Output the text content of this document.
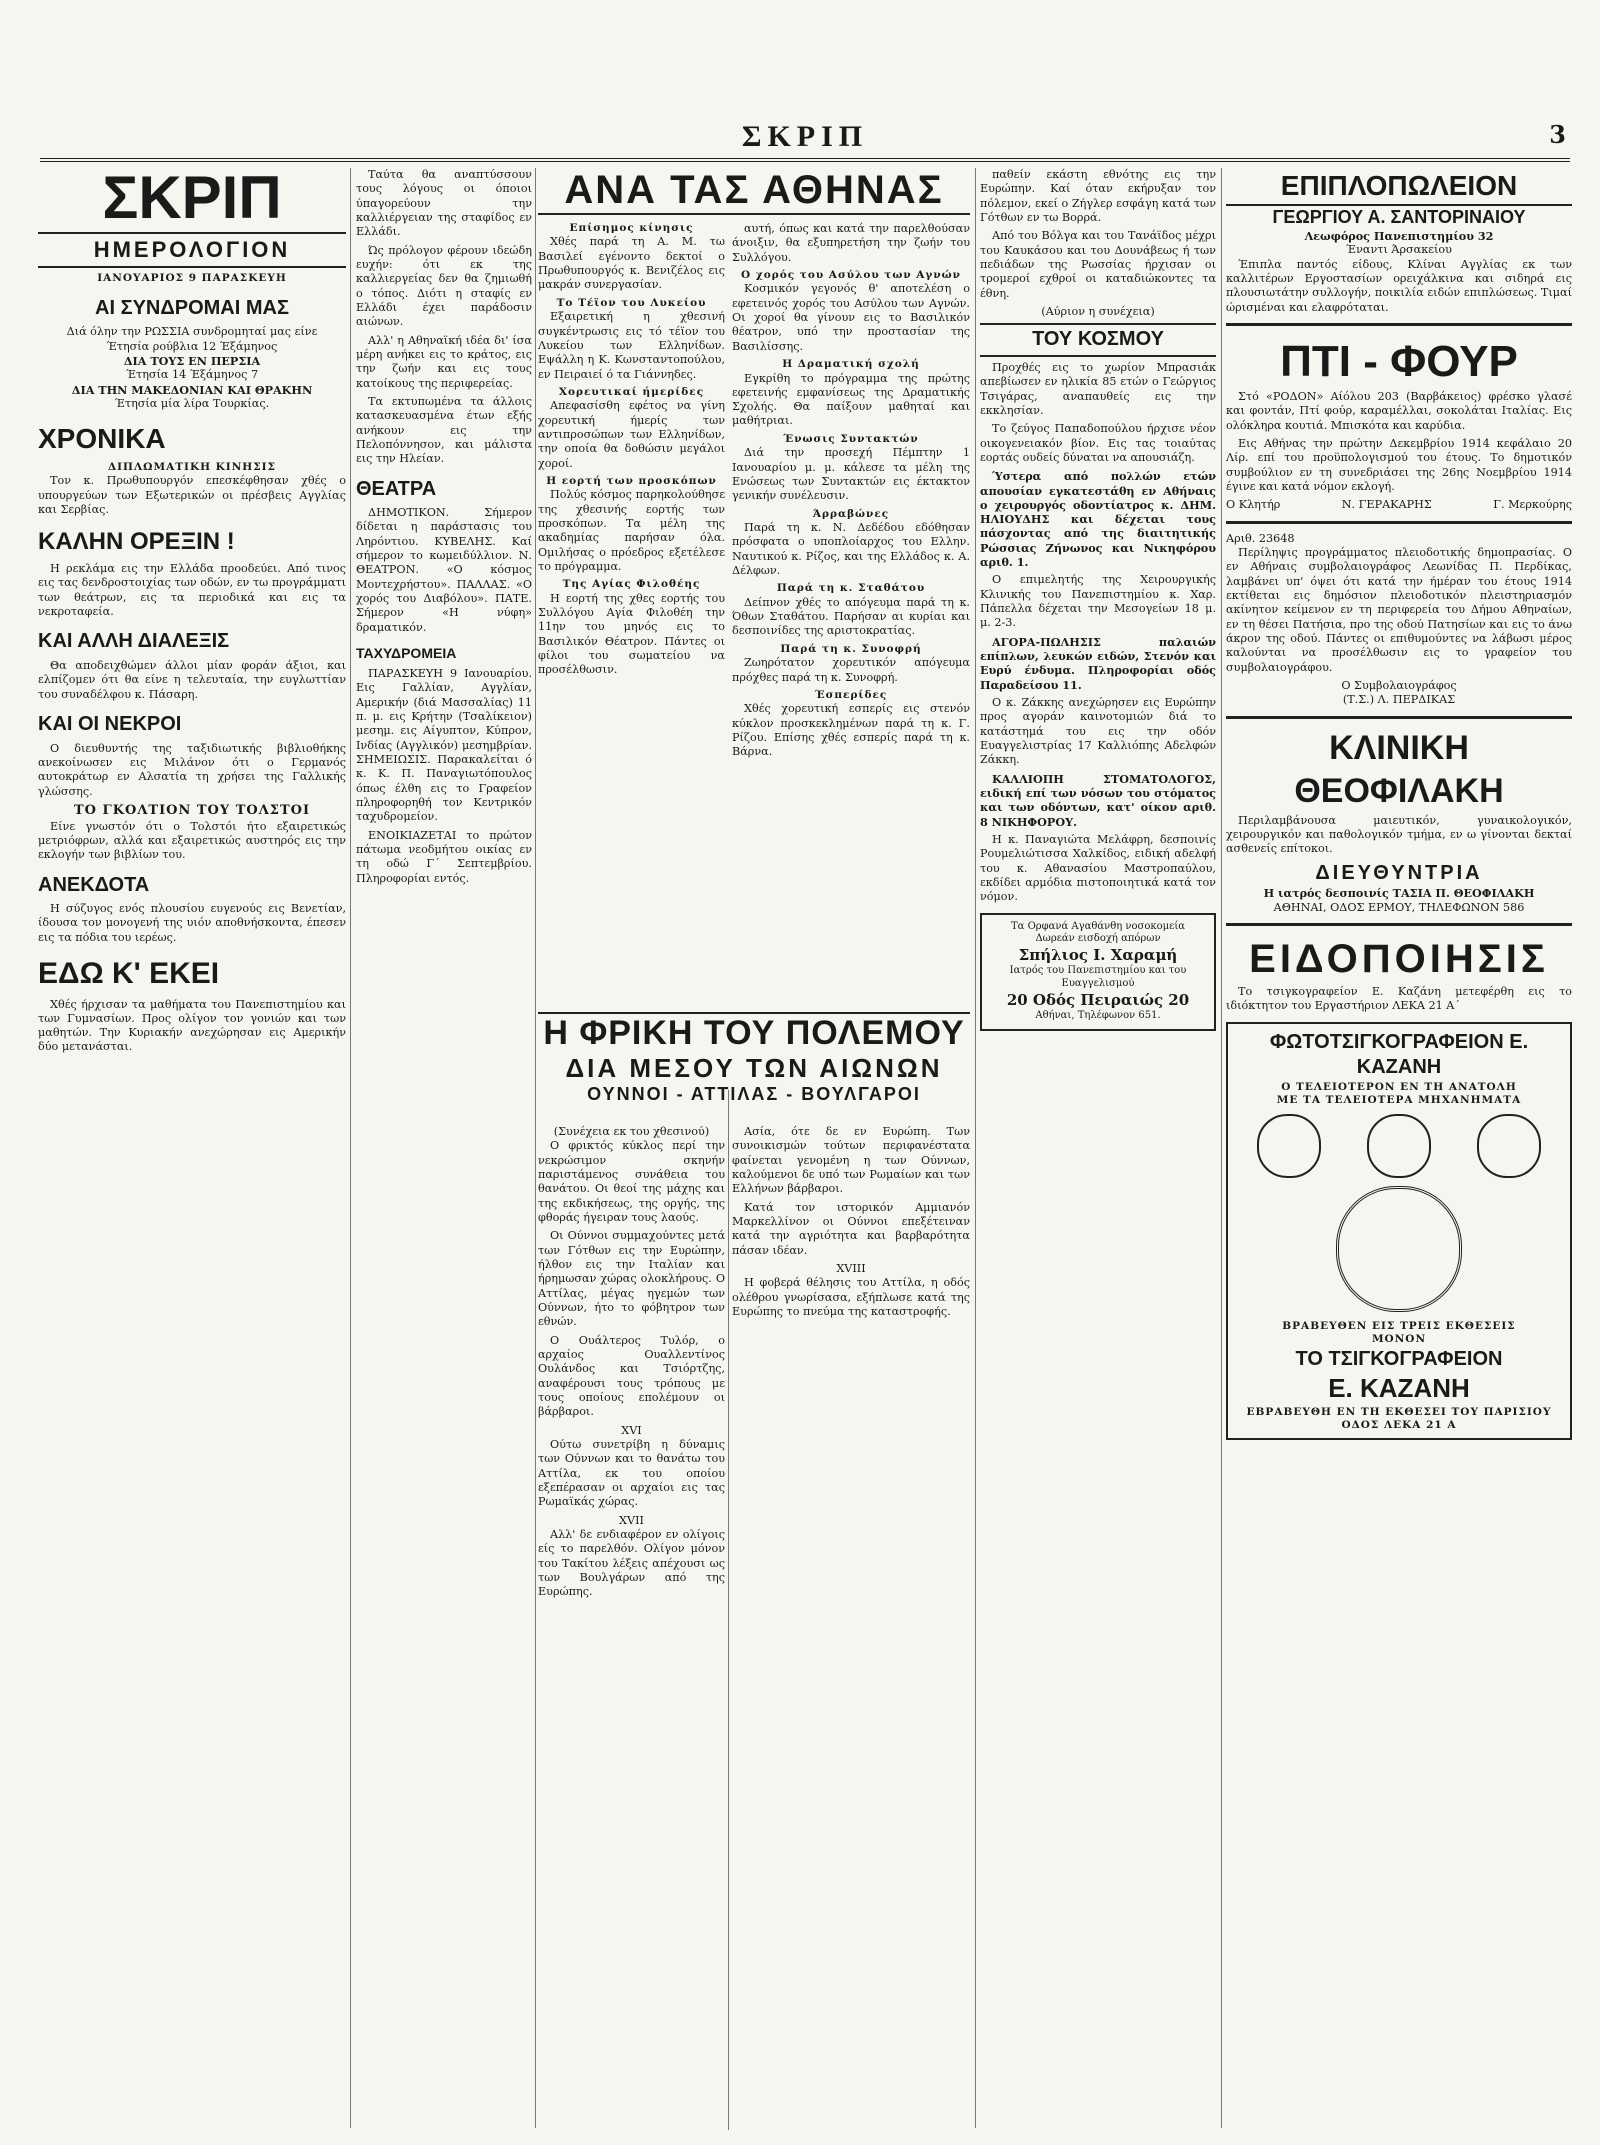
ΣΚΡΙΠ	3
ΣΚΡΙΠ
ΗΜΕΡΟΛΟΓΙΟΝ
ΙΑΝΟΥΑΡΙΟΣ 9 ΠΑΡΑΣΚΕΥΗ
ΑΙ ΣΥΝΔΡΟΜΑΙ ΜΑΣ
Διά όλην την ΡΩΣΣΙΑ συνδρομηταί μας είνε
Έτησία ρούβλια 12 Έξάμηνος
ΔΙΑ ΤΟΥΣ ΕΝ ΠΕΡΣΙΑ
Έτησία 14 Έξάμηνος 7
ΔΙΑ ΤΗΝ ΜΑΚΕΔΟΝΙΑΝ ΚΑΙ ΘΡΑΚΗΝ
Έτησία μία λίρα Τουρκίας.
ΧΡΟΝΙΚΑ
ΔΙΠΛΩΜΑΤΙΚΗ ΚΙΝΗΣΙΣ

Τον κ. Πρωθυπουργόν επεσκέφθησαν χθές ο υπουργεύων των Εξωτερικών οι πρέσβεις Αγγλίας και Σερβίας.

ΚΑΛΗΝ ΟΡΕΞΙΝ !

Η ρεκλάμα εις την Ελλάδα προοδεύει. Από τινος εις τας δενδροστοιχίας των οδών, εν τω προγράμματι των θεάτρων, εις τα περιοδικά και εις τα νεκροταφεία.

ΚΑΙ ΑΛΛΗ ΔΙΑΛΕΞΙΣ

Θα αποδειχθώμεν άλλοι μίαν φοράν άξιοι, και ελπίζομεν ότι θα είνε η τελευταία, την ευγλωττίαν του συναδέλφου κ. Πάσαρη.

ΚΑΙ ΟΙ ΝΕΚΡΟΙ

Ο διευθυντής της ταξιδιωτικής βιβλιοθήκης ανεκοίνωσεν εις Μιλάνον ότι ο Γερμανός αυτοκράτωρ εν Αλσατία τη χρήσει της Γαλλικής γλώσσης.

ΤΟ ΓΚΟΛΤΙΟΝ ΤΟΥ ΤΟΛΣΤΟΙ

Είνε γνωστόν ότι ο Τολστόι ήτο εξαιρετικώς μετριόφρων, αλλά και εξαιρετικώς αυστηρός εις την εκλογήν των βιβλίων του.

ΑΝΕΚΔΟΤΑ

Η σύζυγος ενός πλουσίου ευγενούς εις Βενετίαν, ίδουσα τον μονογενή της υιόν αποθνήσκοντα, έπεσεν εις τα πόδια του ιερέως.

ΕΔΩ Κ' ΕΚΕΙ

Χθές ήρχισαν τα μαθήματα του Πανεπιστημίου και των Γυμνασίων. Προς ολίγον τον γονιών και των μαθητών. Την Κυριακήν ανεχώρησαν εις Αμερικήν δύο μετανάσται.

Ταύτα θα αναπτύσσουν τους λόγους οι όποιοι ύπαγορεύουν την καλλιέργειαν της σταφίδος εν Ελλάδι.

Ώς πρόλογον φέρουν ιδεώδη ευχήν: ότι εκ της καλλιεργείας δεν θα ζημιωθή ο τόπος. Διότι η σταφίς εν Ελλάδι έχει παράδοσιν αιώνων.

Αλλ' η Αθηναϊκή ιδέα δι' ίσα μέρη ανήκει εις το κράτος, εις την ζωήν και εις τους κατοίκους της περιφερείας.

Τα εκτυπωμένα τα άλλοις κατασκευασμένα έτων εξής ανήκουν εις την Πελοπόννησον, και μάλιστα εις την Ηλείαν.

ΘΕΑΤΡΑ

ΔΗΜΟΤΙΚΟΝ. Σήμερον δίδεται η παράστασις του Ληρόντιου. ΚΥΒΕΛΗΣ. Καί σήμερον το κωμειδύλλιον. Ν. ΘΕΑΤΡΟΝ. «Ο κόσμος Μοντεχρήστου». ΠΑΛΛΑΣ. «Ο χορός του Διαβόλου». ΠΑΤΕ. Σήμερον «Η νύφη» δραματικόν.

ΤΑΧΥΔΡΟΜΕΙΑ

ΠΑΡΑΣΚΕΥΗ 9 Ιανουαρίου. Εις Γαλλίαν, Αγγλίαν, Αμερικήν (διά Μασσαλίας) 11 π. μ. εις Κρήτην (Τσαλίκειον) μεσημ. εις Αίγυπτον, Κύπρον, Ινδίας (Αγγλικόν) μεσημβρίαν. ΣΗΜΕΙΩΣΙΣ. Παρακαλείται ό κ. Κ. Π. Παναγιωτόπουλος όπως έλθη εις το Γραφείον πληροφορηθή τον Κεντρικόν ταχυδρομείον.

ΕΝΟΙΚΙΑΖΕΤΑΙ το πρώτον πάτωμα νεοδμήτου οικίας εν τη οδώ Γ΄ Σεπτεμβρίου. Πληροφορίαι εντός.

ΑΝΑ ΤΑΣ ΑΘΗΝΑΣ
Επίσημος κίνησις

Χθές παρά τη Α. Μ. τω Βασιλεί εγένοντο δεκτοί ο Πρωθυπουργός κ. Βενιζέλος εις μακράν συνεργασίαν.

Το Τέϊον του Λυκείου

Εξαιρετική η χθεσινή συγκέντρωσις εις τό τέϊον του Λυκείου των Ελληνίδων. Εψάλλη η Κ. Κωνσταντοπούλου, εν Πειραιεί ό τα Γιάννηδες.

Χορευτικαί ήμερίδες

Απεφασίσθη εφέτος να γίνη χορευτική ήμερίς των αντιπροσώπων των Ελληνίδων, την οποία θα δοθώσιν μεγάλοι χοροί.

Η εορτή των προσκόπων

Πολύς κόσμος παρηκολούθησε της χθεσινής εορτής των προσκόπων. Τα μέλη της ακαδημίας παρήσαν όλα. Ομιλήσας ο πρόεδρος εξετέλεσε το πρόγραμμα.

Της Αγίας Φιλοθέης

Η εορτή της χθες εορτής του Συλλόγου Αγία Φιλοθέη την 11ην του μηνός εις το Βασιλικόν Θέατρον. Πάντες οι φίλοι του σωματείου να προσέλθωσιν.

αυτή, όπως και κατά την παρελθούσαν άνοιξιν, θα εξυπηρετήση την ζωήν του Συλλόγου.

Ο χορός του Ασύλου των Αγνών

Κοσμικόν γεγονός θ' αποτελέση ο εφετεινός χορός του Ασύλου των Αγνών. Οι χοροί θα γίνουν εις το Βασιλικόν θέατρον, υπό την προστασίαν της Βασιλίσσης.

Η Δραματική σχολή

Εγκρίθη το πρόγραμμα της πρώτης εφετεινής εμφανίσεως της Δραματικής Σχολής. Θα παίξουν μαθηταί και μαθήτριαι.

Ένωσις Συντακτών

Διά την προσεχή Πέμπτην 1 Ιανουαρίου μ. μ. κάλεσε τα μέλη της Ενώσεως των Συντακτών εις έκτακτον γενικήν συνέλευσιν.

Άρραβώνες

Παρά τη κ. Ν. Δεδέδου εδόθησαν πρόσφατα ο υποπλοίαρχος του Ελλην. Ναυτικού κ. Ρίζος, και της Ελλάδος κ. Α. Δέλφων.

Παρά τη κ. Σταθάτου

Δείπνον χθές το απόγευμα παρά τη κ. Όθων Σταθάτου. Παρήσαν αι κυρίαι και δεσποινίδες της αριστοκρατίας.

Παρά τη κ. Συνοφρή

Ζωηρότατον χορευτικόν απόγευμα πρόχθες παρά τη κ. Συνοφρή.

Έσπερίδες

Χθές χορευτική εσπερίς εις στενόν κύκλον προσκεκλημένων παρά τη κ. Γ. Ρίζου. Επίσης χθές εσπερίς παρά τη κ. Βάρνα.

Η ΦΡΙΚΗ ΤΟΥ ΠΟΛΕΜΟΥ
ΔΙΑ ΜΕΣΟΥ ΤΩΝ ΑΙΩΝΩΝ
ΟΥΝΝΟΙ - ΑΤΤΙΛΑΣ - ΒΟΥΛΓΑΡΟΙ
(Συνέχεια εκ του χθεσινού)

Ο φρικτός κύκλος περί την νεκρώσιμον σκηνήν παριστάμενος συνάθεια του θανάτου. Οι θεοί της μάχης και της εκδικήσεως, της οργής, της φθοράς ήγειραν τους λαούς.

Οι Ούννοι συμμαχούντες μετά των Γότθων εις την Ευρώπην, ήλθον εις την Ιταλίαν και ήρημωσαν χώρας ολοκλήρους. Ο Αττίλας, μέγας ηγεμών των Ούννων, ήτο το φόβητρον των εθνών.

Ο Ουάλτερος Τυλόρ, ο αρχαίος Ουαλλεντίνος Ουλάνδος και Τσιόρτζης, αναφέρουσι τους τρόπους με τους οποίους επολέμουν οι βάρβαροι.

XVI

Ούτω συνετρίβη η δύναμις των Ούννων και το θανάτω του Αττίλα, εκ του οποίου εξεπέρασαν οι αρχαίοι εις τας Ρωμαϊκάς χώρας.

XVII

Αλλ' δε ενδιαφέρον εν ολίγοις είς το παρελθόν. Ολίγον μόνον του Τακίτου λέξεις απέχουσι ως των Βουλγάρων από της Ευρώπης.

Ασία, ότε δε εν Ευρώπη. Των συνοικισμών τούτων περιφανέστατα φαίνεται γενομένη η των Ούννων, καλούμενοι δε υπό των Ρωμαίων και των Ελλήνων βάρβαροι.

Κατά τον ιστορικόν Αμμιανόν Μαρκελλίνον οι Ούννοι επεξέτειναν κατά την αγριότητα και βαρβαρότητα πάσαν ιδέαν.

XVIII

Η φοβερά θέλησις του Αττίλα, η οδός ολέθρου γνωρίσασα, εξήπλωσε κατά της Ευρώπης το πνεύμα της καταστροφής.

παθείν εκάστη εθνότης εις την Ευρώπην. Καί όταν εκήρυξαν τον πόλεμον, εκεί ο Ζήγλερ εσφάγη κατά των Γότθων εν τω Βορρά.

Από του Βόλγα και του Τανάϊδος μέχρι του Καυκάσου και του Δουνάβεως ή των πεδιάδων της Ρωσσίας ήρχισαν οι τρομεροί εχθροί οι καταδιώκοντες τα έθνη.

(Αύριον η συνέχεια)
ΤΟΥ ΚΟΣΜΟΥ

Προχθές εις το χωρίον Μπρασιάκ απεβίωσεν εν ηλικία 85 ετών ο Γεώργιος Τσιγάρας, αναπαυθείς εις την εκκλησίαν.

Το ζεύγος Παπαδοπούλου ήρχισε νέον οικογενειακόν βίον. Εις τας τοιαύτας εορτάς ουδείς δύναται να απουσιάζη.

Ύστερα από πολλών ετών απουσίαν εγκατεστάθη εν Αθήναις ο χειρουργός οδοντίατρος κ. ΔΗΜ. ΗΛΙΟΥΔΗΣ και δέχεται τους πάσχοντας από της διαιτητικής Ρώσσιας Ζήνωνος και Νικηφόρου αριθ. 1.

Ο επιμελητής της Χειρουργικής Κλινικής του Πανεπιστημίου κ. Χαρ. Πάπελλα δέχεται την Μεσογείων 18 μ. μ. 2-3.

ΑΓΟΡΑ-ΠΩΛΗΣΙΣ παλαιών επίπλων, λευκών ειδών, Στενόν και Ευρύ ένδυμα. Πληροφορίαι οδός Παραδείσου 11.

Ο κ. Ζάκκης ανεχώρησεν εις Ευρώπην προς αγοράν καινοτομιών διά το κατάστημά του εις την οδόν Ευαγγελιστρίας 17 Καλλιόπης Αδελφών Ζάκκη.

ΚΑΛΛΙΟΠΗ ΣΤΟΜΑΤΟΛΟΓΟΣ, ειδική επί των νόσων του στόματος και των οδόντων, κατ' οίκον αριθ. 8 ΝΙΚΗΦΟΡΟΥ.

Η κ. Παναγιώτα Μελάφρη, δεσποινίς Ρουμελιώτισσα Χαλκίδος, ειδική αδελφή του κ. Αθανασίου Μαστροπαύλου, εκδίδει αρμόδια πιστοποιητικά κατά τον νόμον.

Τα Ορφανά Αγαθάνθη νοσοκομεία
Δωρεάν εισδοχή απόρων
Σπήλιος Ι. Χαραμή
Ιατρός του Πανεπιστημίου και του Ευαγγελισμού
20 Οδός Πειραιώς 20
Αθήναι, Τηλέφωνον 651.
ΕΠΙΠΛΟΠΩΛΕΙΟΝ
ΓΕΩΡΓΙΟΥ Α. ΣΑΝΤΟΡΙΝΑΙΟΥ
Λεωφόρος Πανεπιστημίου 32
Έναντι Άρσακείου

Έπιπλα παντός είδους, Κλίναι Αγγλίας εκ των καλλιτέρων Εργοστασίων ορειχάλκινα και σιδηρά εις πλουσιωτάτην συλλογήν, ποικιλία ειδών επιπλώσεως. Τιμαί ώρισμέναι και ελαφρόταται.

ΠΤΙ - ΦΟΥΡ

Στό «ΡΟΔΟΝ» Αίόλου 203 (Βαρβάκειος) φρέσκο γλασέ και φοντάν, Πτί φούρ, καραμέλλαι, σοκολάται Ιταλίας. Εις ολόκληρα κουτιά. Μπισκότα και καρύδια.

Εις Αθήνας την πρώτην Δεκεμβρίου 1914 κεφάλαιο 20 Λίρ. επί του προϋπολογισμού του έτους. Το δημοτικόν συμβούλιον εν τη συνεδριάσει της 26ης Νοεμβρίου 1914 έγινε και κατά νόμον εκλογή.

Ο Κλητήρ	Ν. ΓΕΡΑΚΑΡΗΣ	Γ. Μερκούρης
Αριθ. 23648

Περίληψις προγράμματος πλειοδοτικής δημοπρασίας. Ο εν Αθήναις συμβολαιογράφος Λεωνίδας Π. Περδίκας, λαμβάνει υπ' όψει ότι κατά την ήμέραν του έτους 1914 εκτίθεται εις δημόσιον πλειοδοτικόν πλειστηριασμόν ακίνητον κείμενον εν τη περιφερεία του Δήμου Αθηναίων, εν τη θέσει Πατήσια, προ της οδού Πατησίων και εις το άνω άκρον της οδού. Πάντες οι επιθυμούντες να λάβωσι μέρος καλούνται να προσέλθωσιν εις το γραφείον του συμβολαιογράφου.

Ο Συμβολαιογράφος
(Τ.Σ.) Λ. ΠΕΡΔΙΚΑΣ
ΚΛΙΝΙΚΗ ΘΕΟΦΙΛΑΚΗ

Περιλαμβάνουσα μαιευτικόν, γυναικολογικόν, χειρουργικόν και παθολογικόν τμήμα, εν ω γίνονται δεκταί ασθενείς επίτοκοι.

ΔΙΕΥΘΥΝΤΡΙΑ
Η ιατρός δεσποινίς ΤΑΣΙΑ Π. ΘΕΟΦΙΛΑΚΗ
ΑΘΗΝΑΙ, ΟΔΟΣ ΕΡΜΟΥ, ΤΗΛΕΦΩΝΟΝ 586
ΕΙΔΟΠΟΙΗΣΙΣ

Το τσιγκογραφείον Ε. Καζάνη μετεφέρθη εις το ιδιόκτητον του Εργαστήριον ΛΕΚΑ 21 Α΄

ΦΩΤΟΤΣΙΓΚΟΓΡΑΦΕΙΟΝ Ε. ΚΑΖΑΝΗ
Ο ΤΕΛΕΙΟΤΕΡΟΝ ΕΝ ΤΗ ΑΝΑΤΟΛΗ
ΜΕ ΤΑ ΤΕΛΕΙΟΤΕΡΑ ΜΗΧΑΝΗΜΑΤΑ
ΒΡΑΒΕΥΘΕΝ ΕΙΣ ΤΡΕΙΣ ΕΚΘΕΣΕΙΣ
ΜΟΝΟΝ
ΤΟ ΤΣΙΓΚΟΓΡΑΦΕΙΟΝ
Ε. ΚΑΖΑΝΗ
ΕΒΡΑΒΕΥΘΗ ΕΝ ΤΗ ΕΚΘΕΣΕΙ ΤΟΥ ΠΑΡΙΣΙΟΥ
ΟΔΟΣ ΛΕΚΑ 21 Α
